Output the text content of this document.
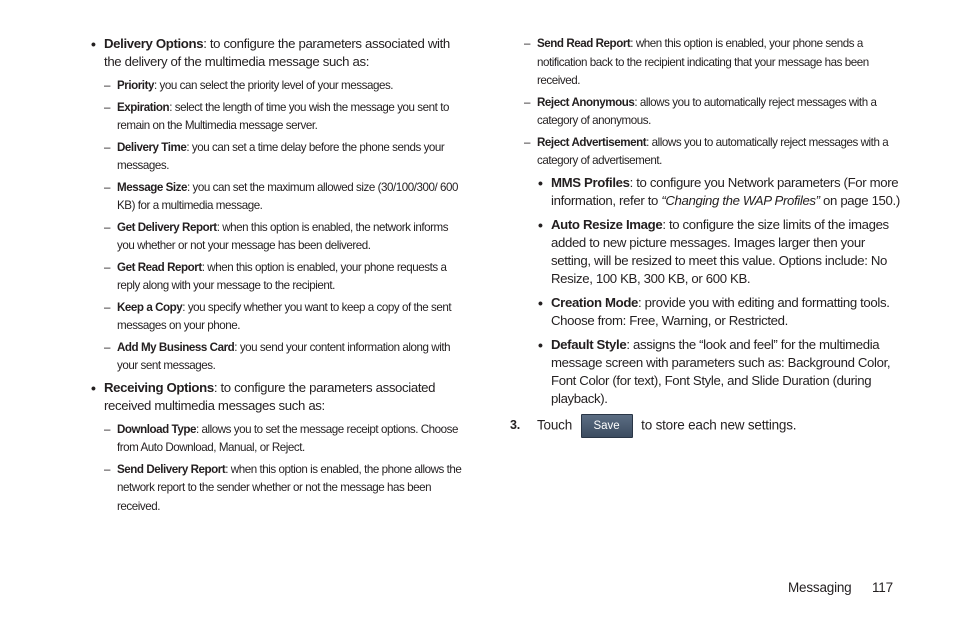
• Delivery Options: to configure the parameters associated with the delivery of the multimedia message such as:
– Priority: you can select the priority level of your messages.
– Expiration: select the length of time you wish the message you sent to remain on the Multimedia message server.
– Delivery Time: you can set a time delay before the phone sends your messages.
– Message Size: you can set the maximum allowed size (30/100/300/ 600 KB) for a multimedia message.
– Get Delivery Report: when this option is enabled, the network informs you whether or not your message has been delivered.
– Get Read Report: when this option is enabled, your phone requests a reply along with your message to the recipient.
– Keep a Copy: you specify whether you want to keep a copy of the sent messages on your phone.
– Add My Business Card: you send your content information along with your sent messages.
• Receiving Options: to configure the parameters associated received multimedia messages such as:
– Download Type: allows you to set the message receipt options. Choose from Auto Download, Manual, or Reject.
– Send Delivery Report: when this option is enabled, the phone allows the network report to the sender whether or not the message has been received.
– Send Read Report: when this option is enabled, your phone sends a notification back to the recipient indicating that your message has been received.
– Reject Anonymous: allows you to automatically reject messages with a category of anonymous.
– Reject Advertisement: allows you to automatically reject messages with a category of advertisement.
• MMS Profiles: to configure you Network parameters (For more information, refer to “Changing the WAP Profiles” on page 150.)
• Auto Resize Image: to configure the size limits of the images added to new picture messages. Images larger then your setting, will be resized to meet this value. Options include: No Resize, 100 KB, 300 KB, or 600 KB.
• Creation Mode: provide you with editing and formatting tools. Choose from: Free, Warning, or Restricted.
• Default Style: assigns the “look and feel” for the multimedia message screen with parameters such as: Background Color, Font Color (for text), Font Style, and Slide Duration (during playback).
3. Touch Save to store each new settings.
Messaging 117
